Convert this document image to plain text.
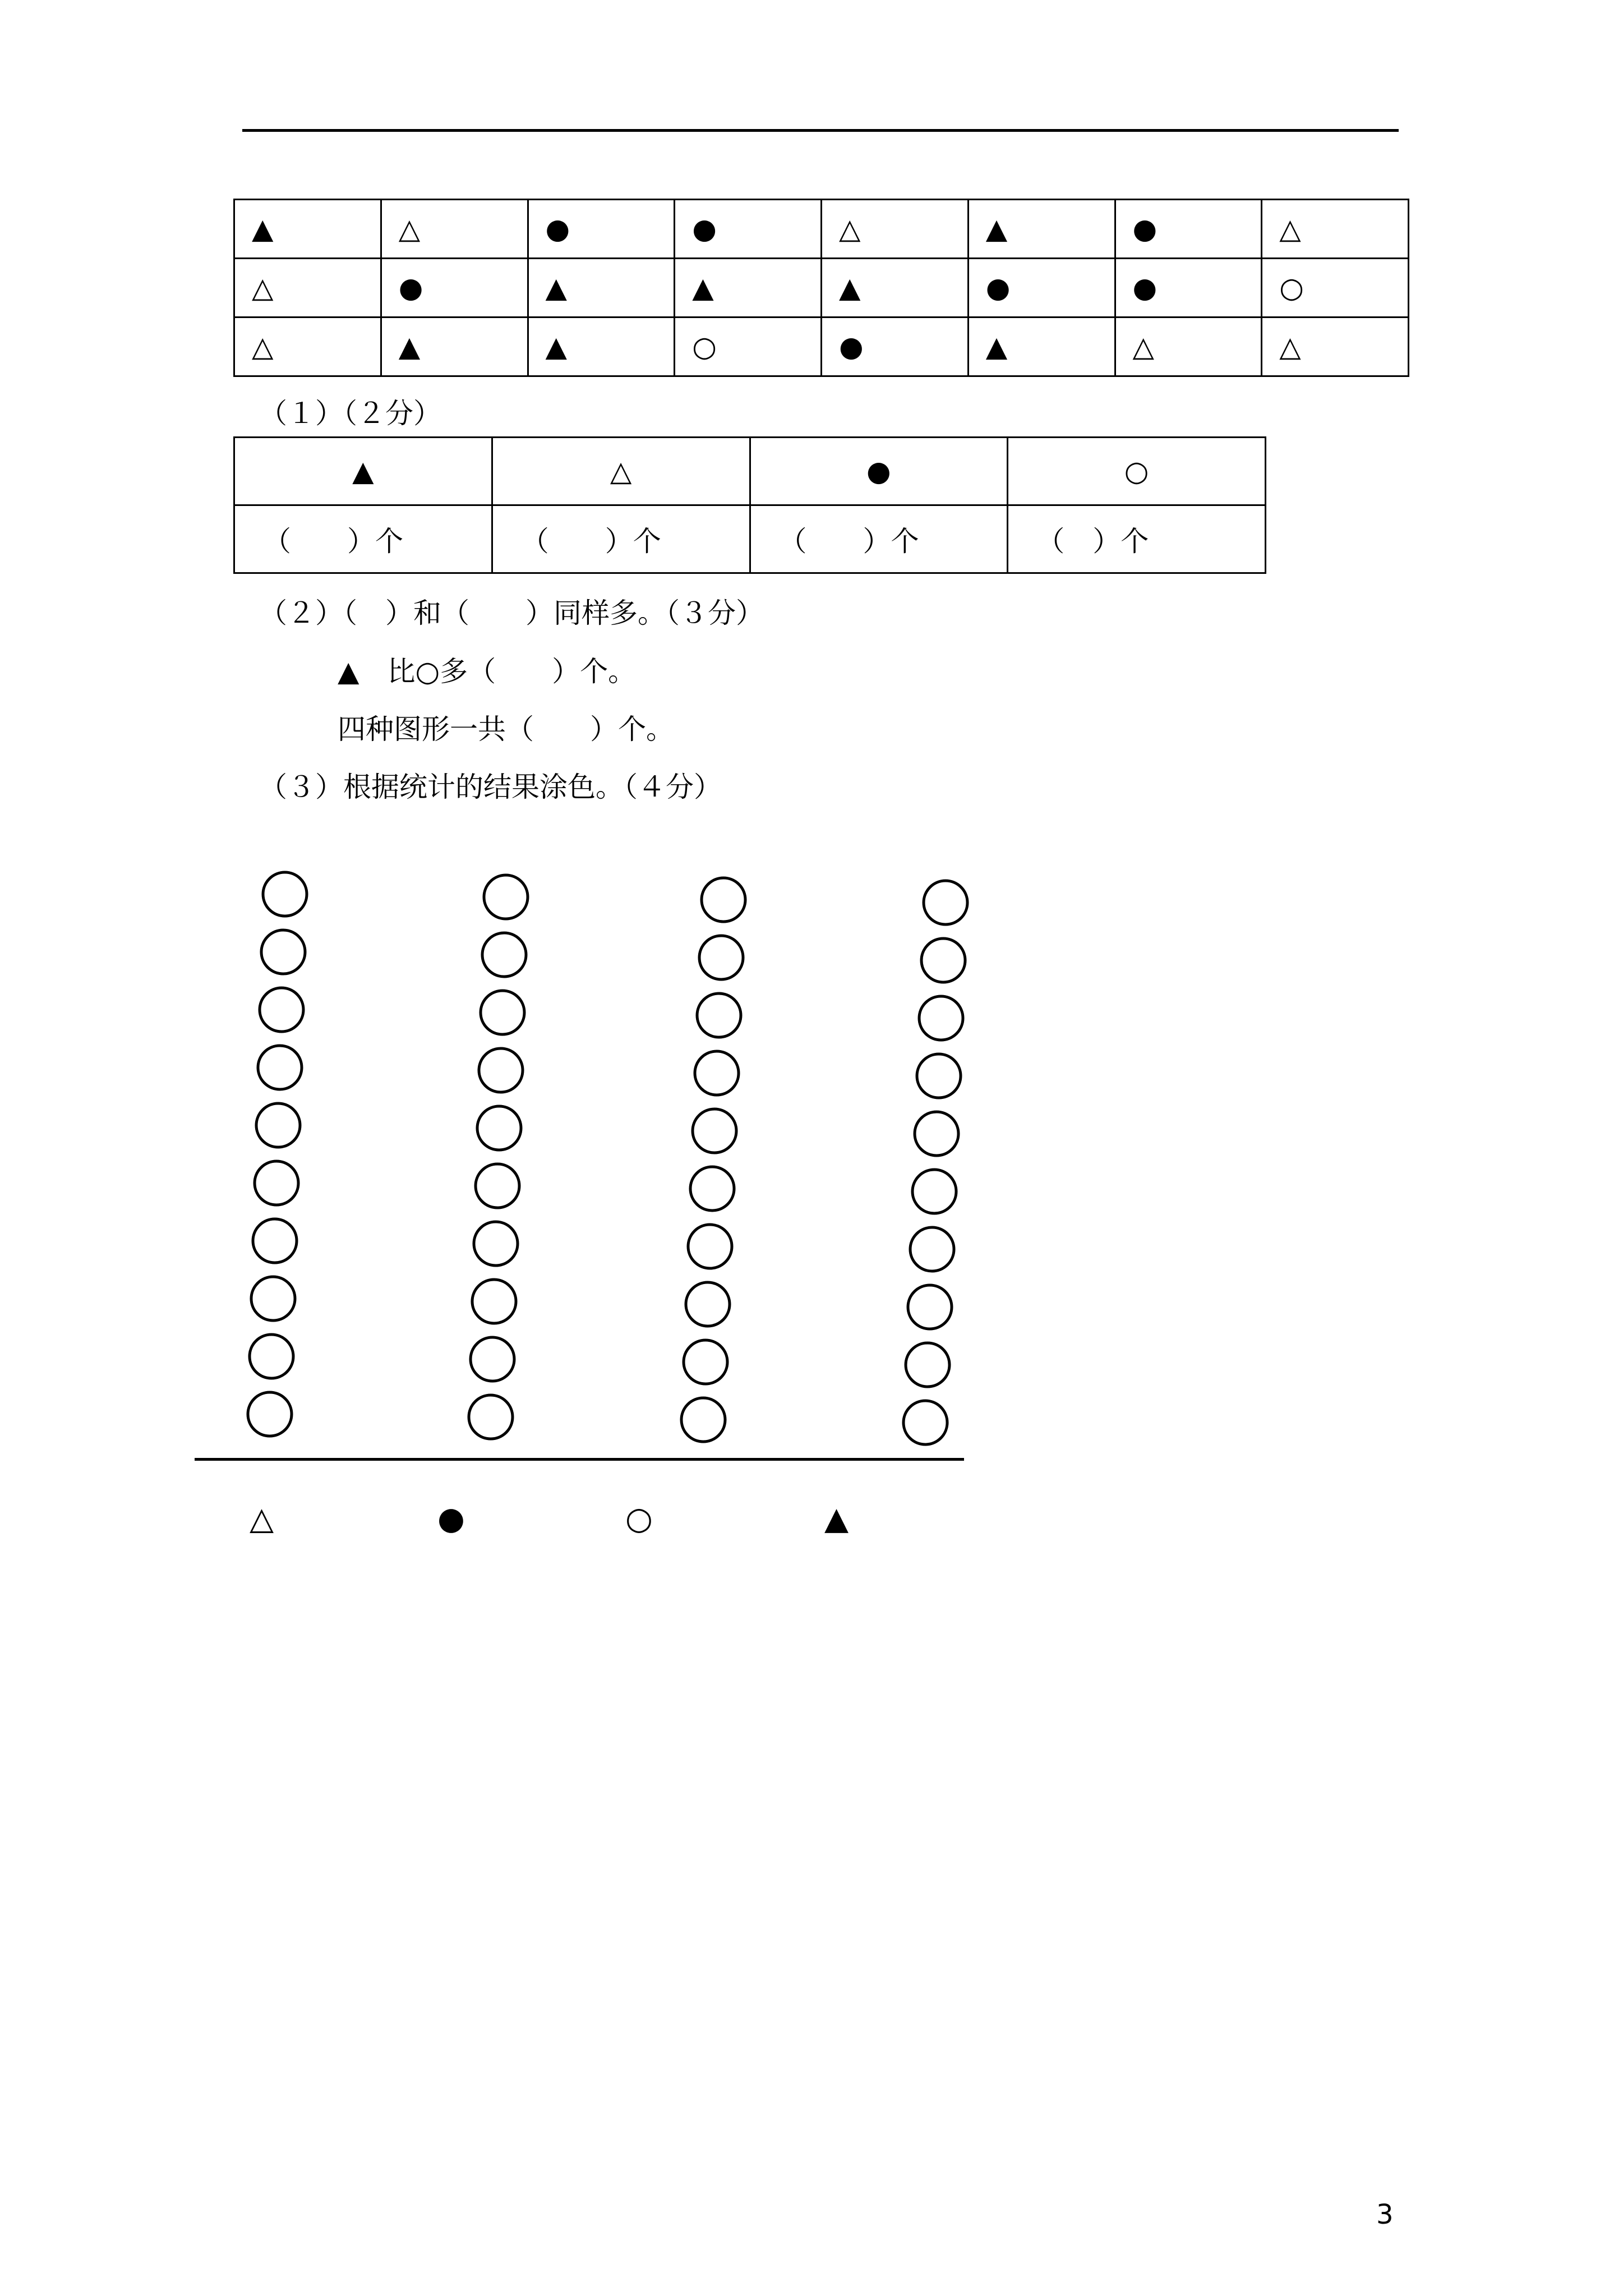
▲	△	●	●	△	▲	●	△
△	●	▲	▲	▲	●	●	○
△	▲	▲	○	●	▲	△	△
（１）（２分）
▲	△	●	○
（　　）个	（　　）个	（　　）个	（　）个
（２）（　）和（　　）同样多。（３分）
▲　比○多（　　）个。
四种图形一共（　　）个。
（３）根据统计的结果涂色。（４分）
△	●	○	▲
3
